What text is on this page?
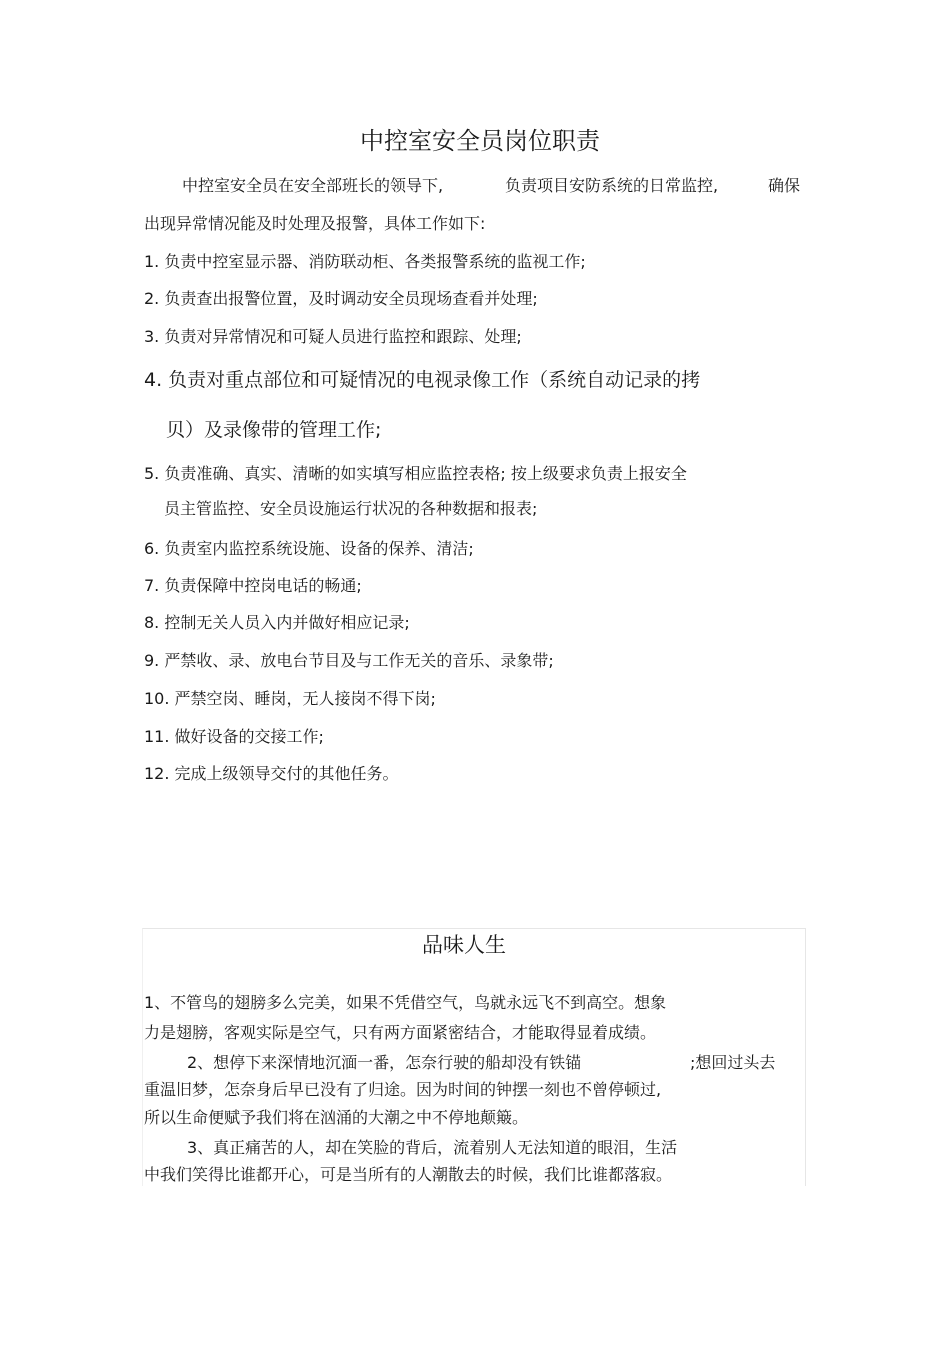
中控室安全员岗位职责
中控室安全员在安全部班长的领导下,	负责项目安防系统的日常监控,	确保
出现异常情况能及时处理及报警，具体工作如下:
1. 负责中控室显示器、消防联动柜、各类报警系统的监视工作;
2. 负责查出报警位置，及时调动安全员现场查看并处理;
3. 负责对异常情况和可疑人员进行监控和跟踪、处理;
4. 负责对重点部位和可疑情况的电视录像工作（系统自动记录的拷
贝）及录像带的管理工作;
5. 负责准确、真实、清晰的如实填写相应监控表格; 按上级要求负责上报安全
员主管监控、安全员设施运行状况的各种数据和报表;
6. 负责室内监控系统设施、设备的保养、清洁;
7. 负责保障中控岗电话的畅通;
8. 控制无关人员入内并做好相应记录;
9. 严禁收、录、放电台节目及与工作无关的音乐、录象带;
10. 严禁空岗、睡岗，无人接岗不得下岗;
11. 做好设备的交接工作;
12. 完成上级领导交付的其他任务。
品味人生
1、不管鸟的翅膀多么完美，如果不凭借空气，鸟就永远飞不到高空。想象
力是翅膀，客观实际是空气，只有两方面紧密结合，才能取得显着成绩。
2、想停下来深情地沉湎一番，怎奈行驶的船却没有铁锚	;想回过头去
重温旧梦，怎奈身后早已没有了归途。因为时间的钟摆一刻也不曾停顿过,
所以生命便赋予我们将在汹涌的大潮之中不停地颠簸。
3、真正痛苦的人，却在笑脸的背后，流着别人无法知道的眼泪，生活
中我们笑得比谁都开心，可是当所有的人潮散去的时候，我们比谁都落寂。
